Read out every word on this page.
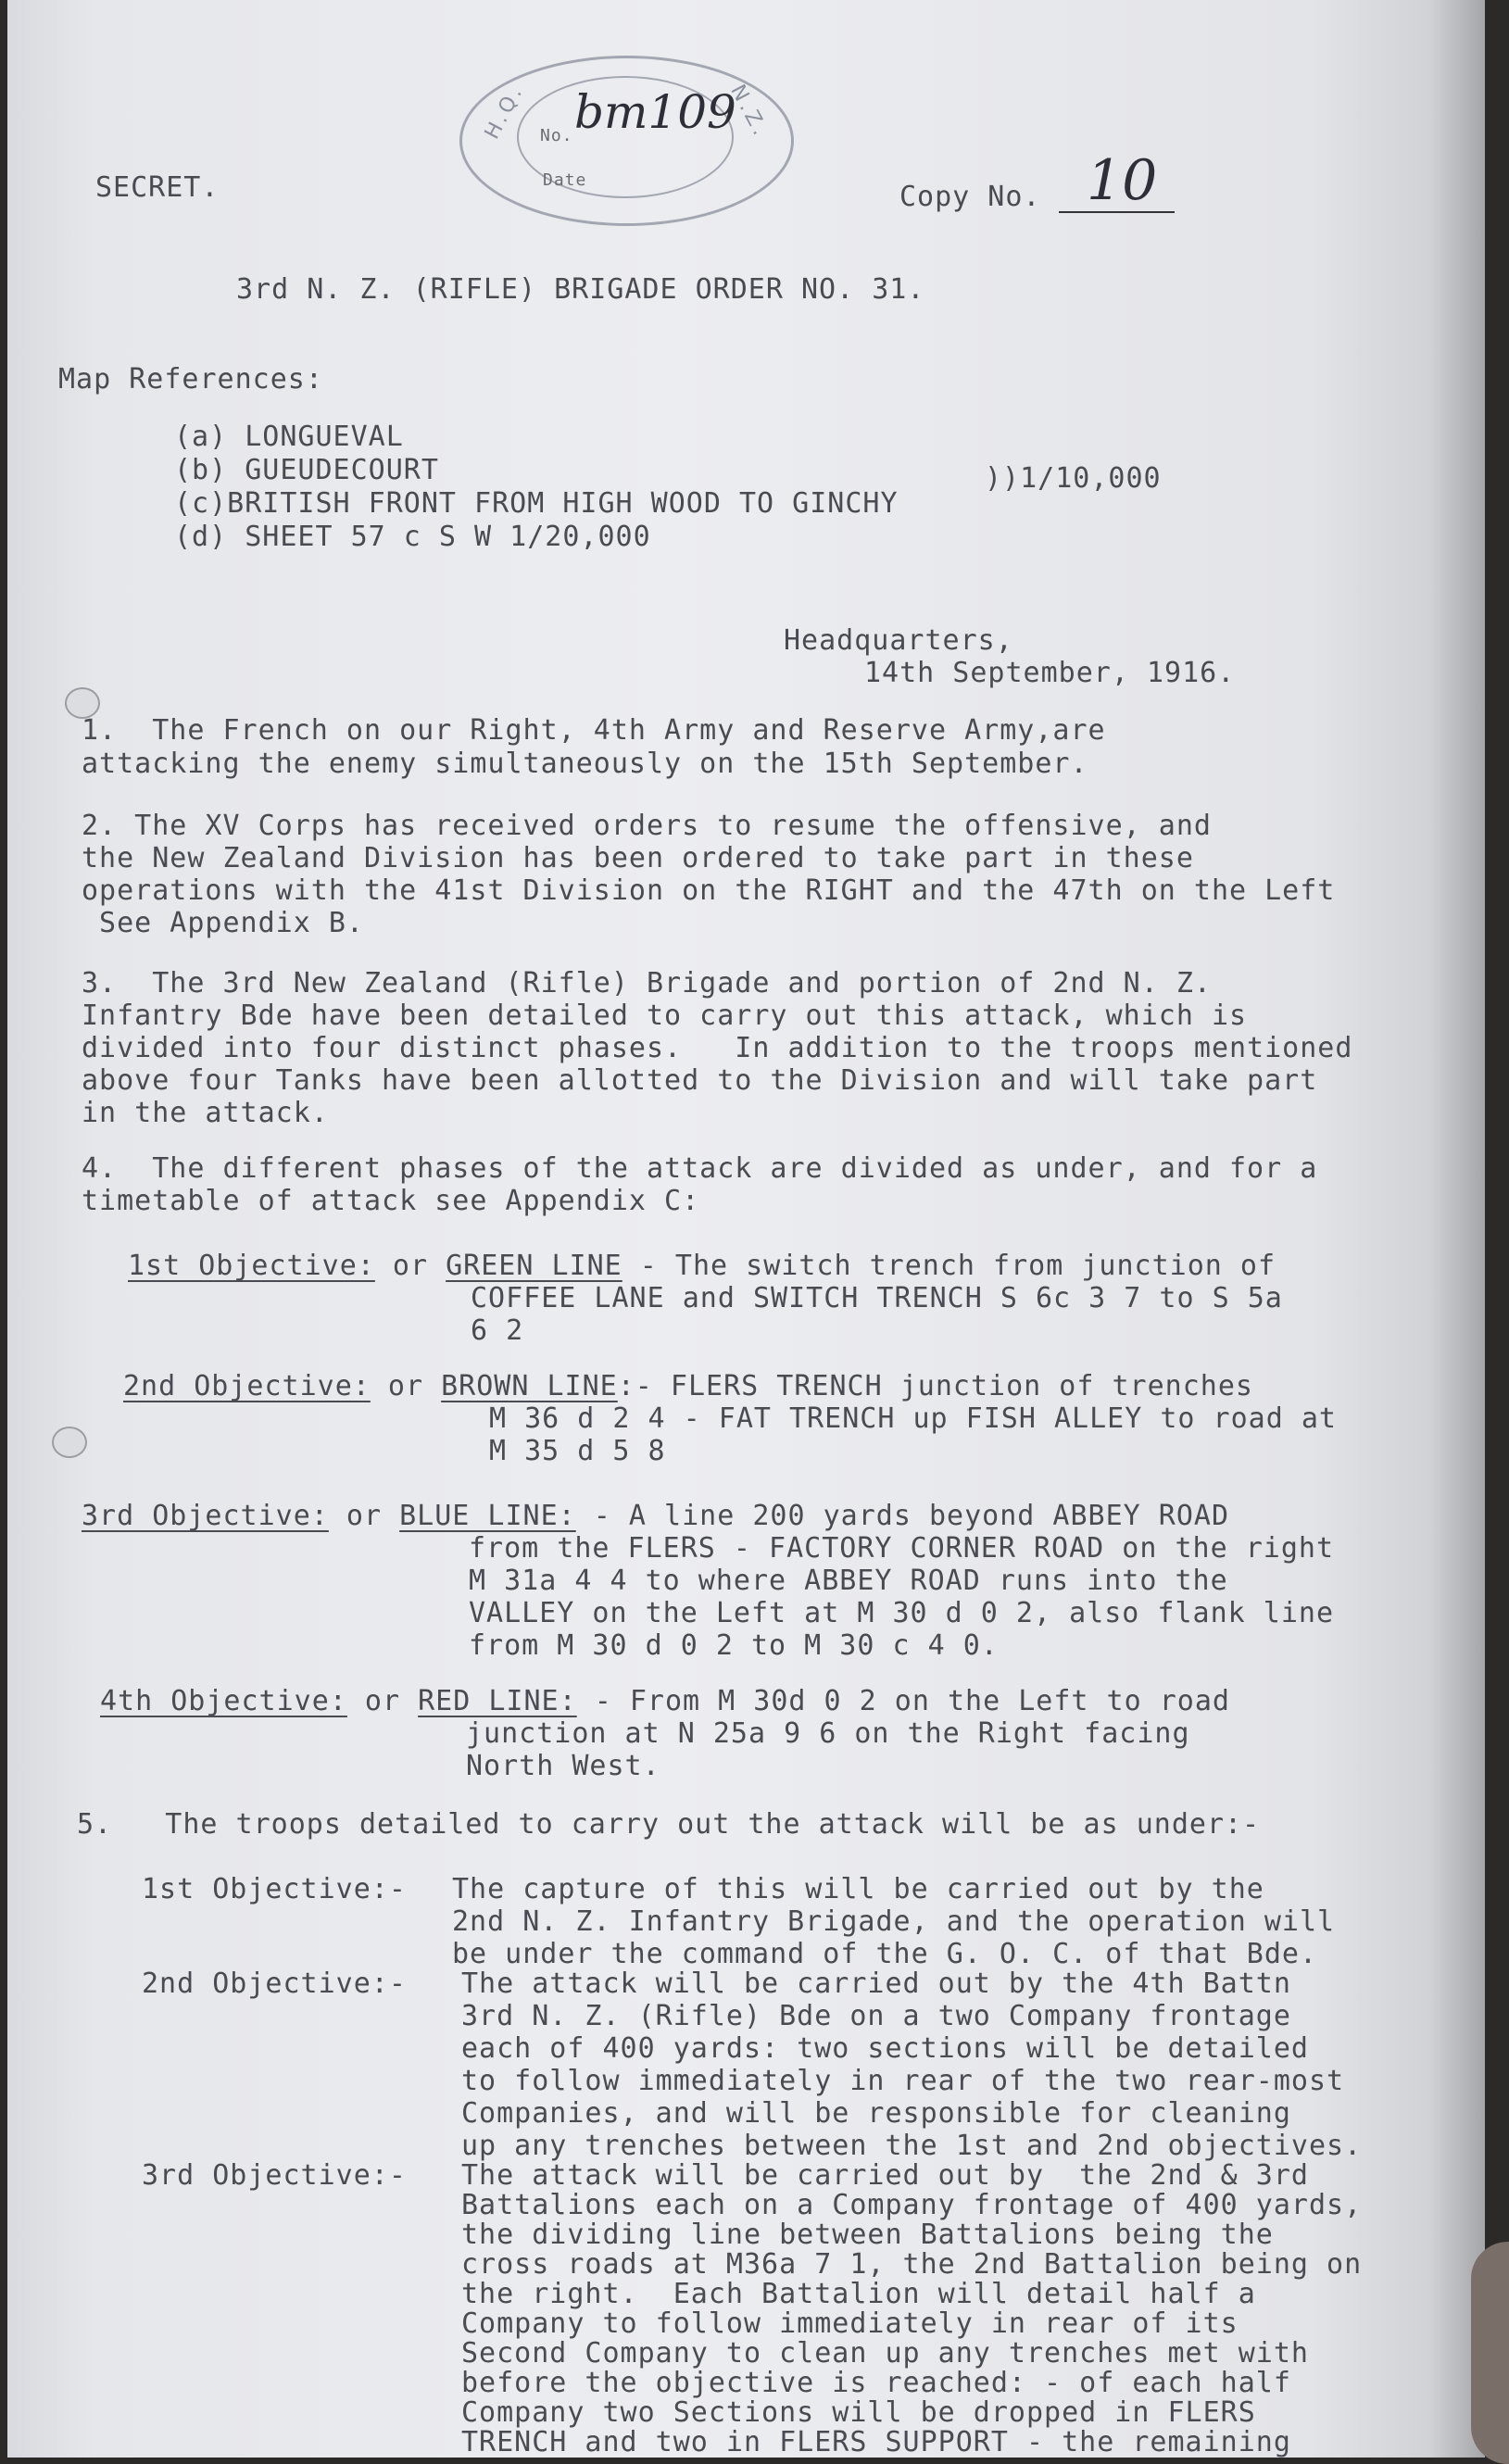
H.Q.	N.Z.
No.
Date
bm109
SECRET.	Copy No. 10
3rd N. Z. (RIFLE) BRIGADE ORDER NO. 31.
Map References:
(a) LONGUEVAL
(b) GUEUDECOURT
(c)BRITISH FRONT FROM HIGH WOOD TO GINCHY
(d) SHEET 57 c S W 1/20,000
))1/10,000
Headquarters,
14th September, 1916.
1.  The French on our Right, 4th Army and Reserve Army,are
attacking the enemy simultaneously on the 15th September.
2. The XV Corps has received orders to resume the offensive, and
the New Zealand Division has been ordered to take part in these
operations with the 41st Division on the RIGHT and the 47th on the Left
See Appendix B.
3.  The 3rd New Zealand (Rifle) Brigade and portion of 2nd N. Z.
Infantry Bde have been detailed to carry out this attack, which is
divided into four distinct phases.   In addition to the troops mentioned
above four Tanks have been allotted to the Division and will take part
in the attack.
4.  The different phases of the attack are divided as under, and for a
timetable of attack see Appendix C:
1st Objective: or GREEN LINE - The switch trench from junction of
COFFEE LANE and SWITCH TRENCH S 6c 3 7 to S 5a
6 2
2nd Objective: or BROWN LINE:- FLERS TRENCH junction of trenches
M 36 d 2 4 - FAT TRENCH up FISH ALLEY to road at
M 35 d 5 8
3rd Objective: or BLUE LINE: - A line 200 yards beyond ABBEY ROAD
from the FLERS - FACTORY CORNER ROAD on the right
M 31a 4 4 to where ABBEY ROAD runs into the
VALLEY on the Left at M 30 d 0 2, also flank line
from M 30 d 0 2 to M 30 c 4 0.
4th Objective: or RED LINE: - From M 30d 0 2 on the Left to road
junction at N 25a 9 6 on the Right facing
North West.
5.   The troops detailed to carry out the attack will be as under:-
1st Objective:- The capture of this will be carried out by the
2nd N. Z. Infantry Brigade, and the operation will
be under the command of the G. O. C. of that Bde.
2nd Objective:- The attack will be carried out by the 4th Battn
3rd N. Z. (Rifle) Bde on a two Company frontage
each of 400 yards: two sections will be detailed
to follow immediately in rear of the two rear-most
Companies, and will be responsible for cleaning
up any trenches between the 1st and 2nd objectives.
3rd Objective:- The attack will be carried out by  the 2nd & 3rd
Battalions each on a Company frontage of 400 yards,
the dividing line between Battalions being the
cross roads at M36a 7 1, the 2nd Battalion being on
the right.  Each Battalion will detail half a
Company to follow immediately in rear of its
Second Company to clean up any trenches met with
before the objective is reached: - of each half
Company two Sections will be dropped in FLERS
TRENCH and two in FLERS SUPPORT - the remaining
